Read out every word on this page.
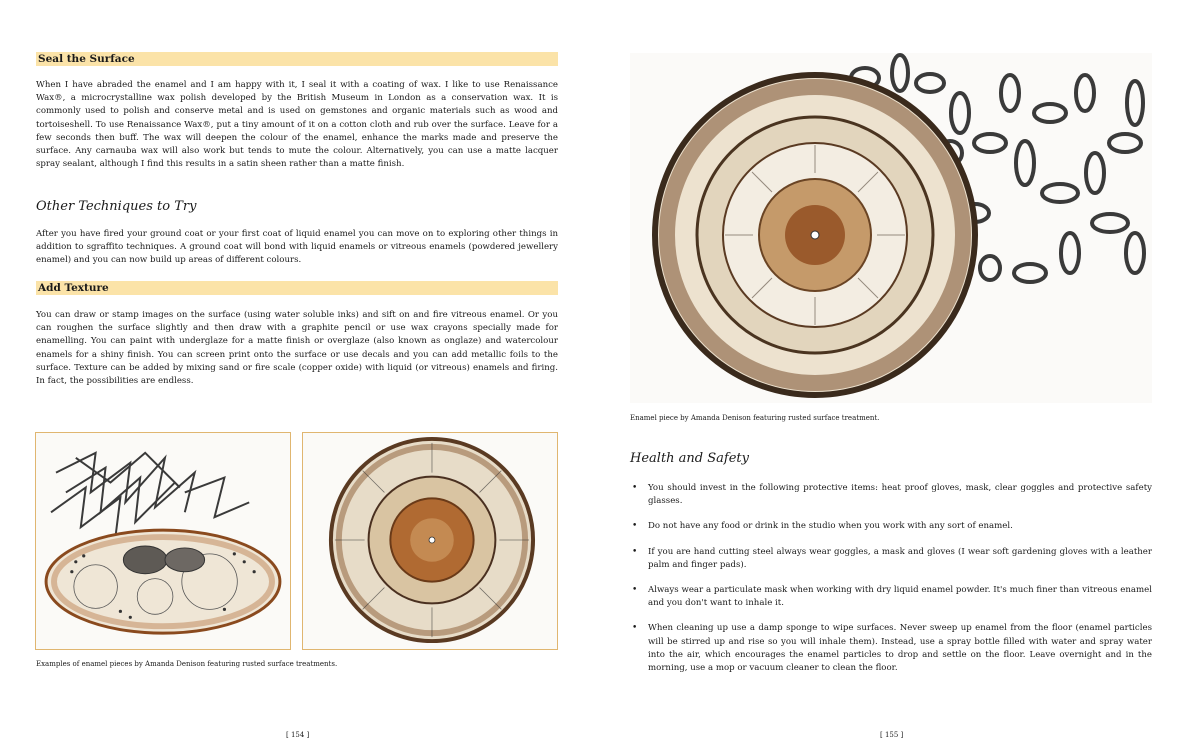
Seal the Surface
When I have abraded the enamel and I am happy with it, I seal it with a coating of wax. I like to use Renaissance Wax®, a microcrystalline wax polish developed by the British Museum in London as a conservation wax. It is commonly used to polish and conserve metal and is used on gemstones and organic materials such as wood and tortoiseshell. To use Renaissance Wax®, put a tiny amount of it on a cotton cloth and rub over the surface. Leave for a few seconds then buff. The wax will deepen the colour of the enamel, enhance the marks made and preserve the surface. Any carnauba wax will also work but tends to mute the colour. Alternatively, you can use a matte lacquer spray sealant, although I find this results in a satin sheen rather than a matte finish.
Other Techniques to Try
After you have fired your ground coat or your first coat of liquid enamel you can move on to exploring other things in addition to sgraffito techniques. A ground coat will bond with liquid enamels or vitreous enamels (powdered jewellery enamel) and you can now build up areas of different colours.
Add Texture
You can draw or stamp images on the surface (using water soluble inks) and sift on and fire vitreous enamel. Or you can roughen the surface slightly and then draw with a graphite pencil or use wax crayons specially made for enamelling. You can paint with underglaze for a matte finish or overglaze (also known as onglaze) and watercolour enamels for a shiny finish. You can screen print onto the surface or use decals and you can add metallic foils to the surface. Texture can be added by mixing sand or fire scale (copper oxide) with liquid (or vitreous) enamels and firing. In fact, the possibilities are endless.
Examples of enamel pieces by Amanda Denison featuring rusted surface treatments.
[ 154 ]
Enamel piece by Amanda Denison featuring rusted surface treatment.
Health and Safety
• You should invest in the following protective items: heat proof gloves, mask, clear goggles and protective safety glasses.
• Do not have any food or drink in the studio when you work with any sort of enamel.
• If you are hand cutting steel always wear goggles, a mask and gloves (I wear soft gardening gloves with a leather palm and finger pads).
• Always wear a particulate mask when working with dry liquid enamel powder. It's much finer than vitreous enamel and you don't want to inhale it.
• When cleaning up use a damp sponge to wipe surfaces. Never sweep up enamel from the floor (enamel particles will be stirred up and rise so you will inhale them). Instead, use a spray bottle filled with water and spray water into the air, which encourages the enamel particles to drop and settle on the floor. Leave overnight and in the morning, use a mop or vacuum cleaner to clean the floor.
[ 155 ]
